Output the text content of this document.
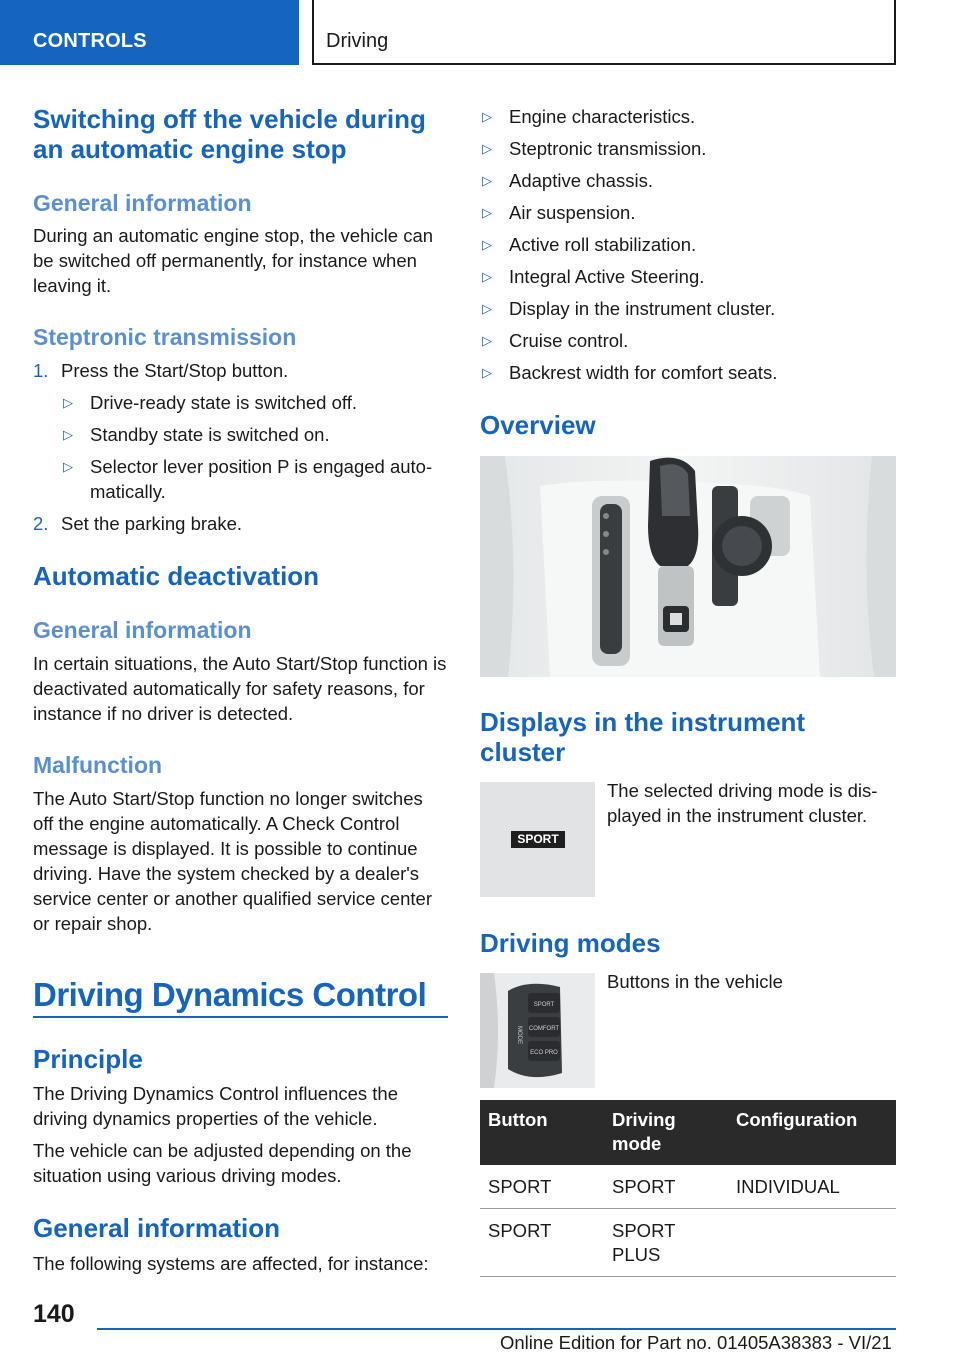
CONTROLS	Driving
Switching off the vehicle during an automatic engine stop
General information
During an automatic engine stop, the vehicle can be switched off permanently, for instance when leaving it.
Steptronic transmission
1. Press the Start/Stop button.
▷ Drive-ready state is switched off.
▷ Standby state is switched on.
▷ Selector lever position P is engaged auto-matically.
2. Set the parking brake.
Automatic deactivation
General information
In certain situations, the Auto Start/Stop function is deactivated automatically for safety reasons, for instance if no driver is detected.
Malfunction
The Auto Start/Stop function no longer switches off the engine automatically. A Check Control message is displayed. It is possible to continue driving. Have the system checked by a dealer's service center or another qualified service center or repair shop.
Driving Dynamics Control
Principle
The Driving Dynamics Control influences the driving dynamics properties of the vehicle.
The vehicle can be adjusted depending on the situation using various driving modes.
General information
The following systems are affected, for instance:
▷ Engine characteristics.
▷ Steptronic transmission.
▷ Adaptive chassis.
▷ Air suspension.
▷ Active roll stabilization.
▷ Integral Active Steering.
▷ Display in the instrument cluster.
▷ Cruise control.
▷ Backrest width for comfort seats.
Overview
Displays in the instrument cluster
SPORT
The selected driving mode is dis-played in the instrument cluster.
Driving modes
SPORT
COMFORT
ECO PRO
MODE
Buttons in the vehicle
Button	Driving mode	Configuration
SPORT	SPORT	INDIVIDUAL
SPORT	SPORT PLUS	
140
Online Edition for Part no. 01405A38383 - VI/21
